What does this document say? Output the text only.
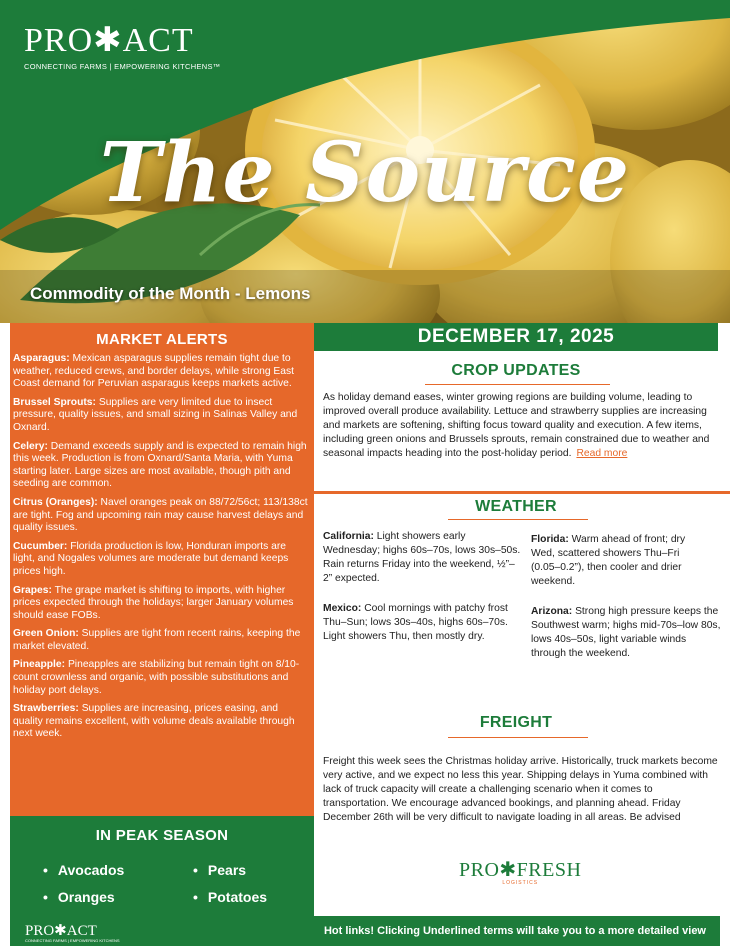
PRO✱ACT
CONNECTING FARMS | EMPOWERING KITCHENS™
The Source
Commodity of the Month - Lemons
MARKET ALERTS
Asparagus: Mexican asparagus supplies remain tight due to weather, reduced crews, and border delays, while strong East Coast demand for Peruvian asparagus keeps markets active.
Brussel Sprouts: Supplies are very limited due to insect pressure, quality issues, and small sizing in Salinas Valley and Oxnard.
Celery: Demand exceeds supply and is expected to remain high this week. Production is from Oxnard/Santa Maria, with Yuma starting later. Large sizes are most available, though pith and seeding are common.
Citrus (Oranges): Navel oranges peak on 88/72/56ct; 113/138ct are tight. Fog and upcoming rain may cause harvest delays and quality issues.
Cucumber: Florida production is low, Honduran imports are light, and Nogales volumes are moderate but demand keeps prices high.
Grapes: The grape market is shifting to imports, with higher prices expected through the holidays; larger January volumes should ease FOBs.
Green Onion: Supplies are tight from recent rains, keeping the market elevated.
Pineapple: Pineapples are stabilizing but remain tight on 8/10-count crownless and organic, with possible substitutions and holiday port delays.
Strawberries: Supplies are increasing, prices easing, and quality remains excellent, with volume deals available through next week.
IN PEAK SEASON
• Avocados	• Pears
• Oranges	• Potatoes
DECEMBER 17, 2025
CROP UPDATES
As holiday demand eases, winter growing regions are building volume, leading to improved overall produce availability. Lettuce and strawberry supplies are increasing and markets are softening, shifting focus toward quality and execution. A few items, including green onions and Brussels sprouts, remain constrained due to weather and seasonal impacts heading into the post-holiday period. Read more
WEATHER
California: Light showers early Wednesday; highs 60s–70s, lows 30s–50s. Rain returns Friday into the weekend, ½”–2” expected.
Mexico: Cool mornings with patchy frost Thu–Sun; lows 30s–40s, highs 60s–70s. Light showers Thu, then mostly dry.
Florida: Warm ahead of front; dry Wed, scattered showers Thu–Fri (0.05–0.2”), then cooler and drier weekend.
Arizona: Strong high pressure keeps the Southwest warm; highs mid-70s–low 80s, lows 40s–50s, light variable winds through the weekend.
FREIGHT
Freight this week sees the Christmas holiday arrive. Historically, truck markets become very active, and we expect no less this year. Shipping delays in Yuma combined with lack of truck capacity will create a challenging scenario when it comes to transportation. We encourage advanced bookings, and planning ahead. Friday December 26th will be very difficult to navigate loading in all areas. Be advised
PRO✱FRESH
LOGISTICS
PRO✱ACT
CONNECTING FARMS | EMPOWERING KITCHENS
Hot links! Clicking Underlined terms will take you to a more detailed view
